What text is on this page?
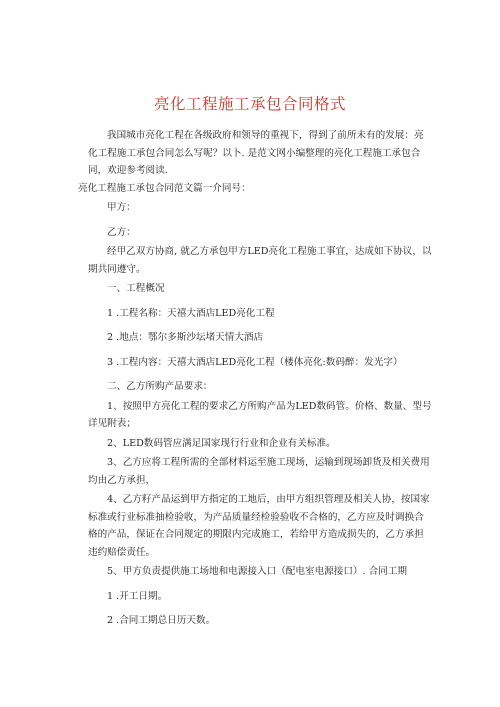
亮化工程施工承包合同格式

我国城市亮化工程在各级政府和领导的重视下，得到了前所未有的发展：亮化工程施工承包合同怎么写呢？以卜. 是范文网小编整理的亮化工程施工承包合同，欢迎参考阅读.

亮化工程施工承包合同范文篇一介同号：

甲方：

乙方：

经甲乙双方协商, 就乙方承包甲方LED亮化工程施工事宜，达成如下协议，以期共同遵守。

一、工程概况

1 .工程名称：天禧大酒店LED亮化工程

2 .地点：鄂尔多斯沙坛堵天情大酒店

3 .工程内容：天禧大酒店LED亮化工程（楼体亮化:数码醉：发光字）

二、乙方所购产品要求：

1、按照甲方亮化工程的要求乙方所购产品为LED数码管。价格、数量、型号详见附表；

2、LED数码管应满足国家现行行业和企业有关标准。

3、乙方应将工程所需的全部材料运至施工现场，运输到现场卸货及相关费用均由乙方承担，

4、乙方籽产品运到甲方指定的工地后，由甲方组织管理及相关人协，按国家标准或行业标准抽检验收，为产品质量经检验验收不合格的，乙方应及时调换合格的产品，保证在合同规定的期限内完成施工，若给甲方造成损失的，乙方承担违约赔偿责任。

5、甲方负责提供施工场地和电源接入口（配电室电源接口）. 合同工期

1 .开工日期。

2 .合同工期总日历天数。
